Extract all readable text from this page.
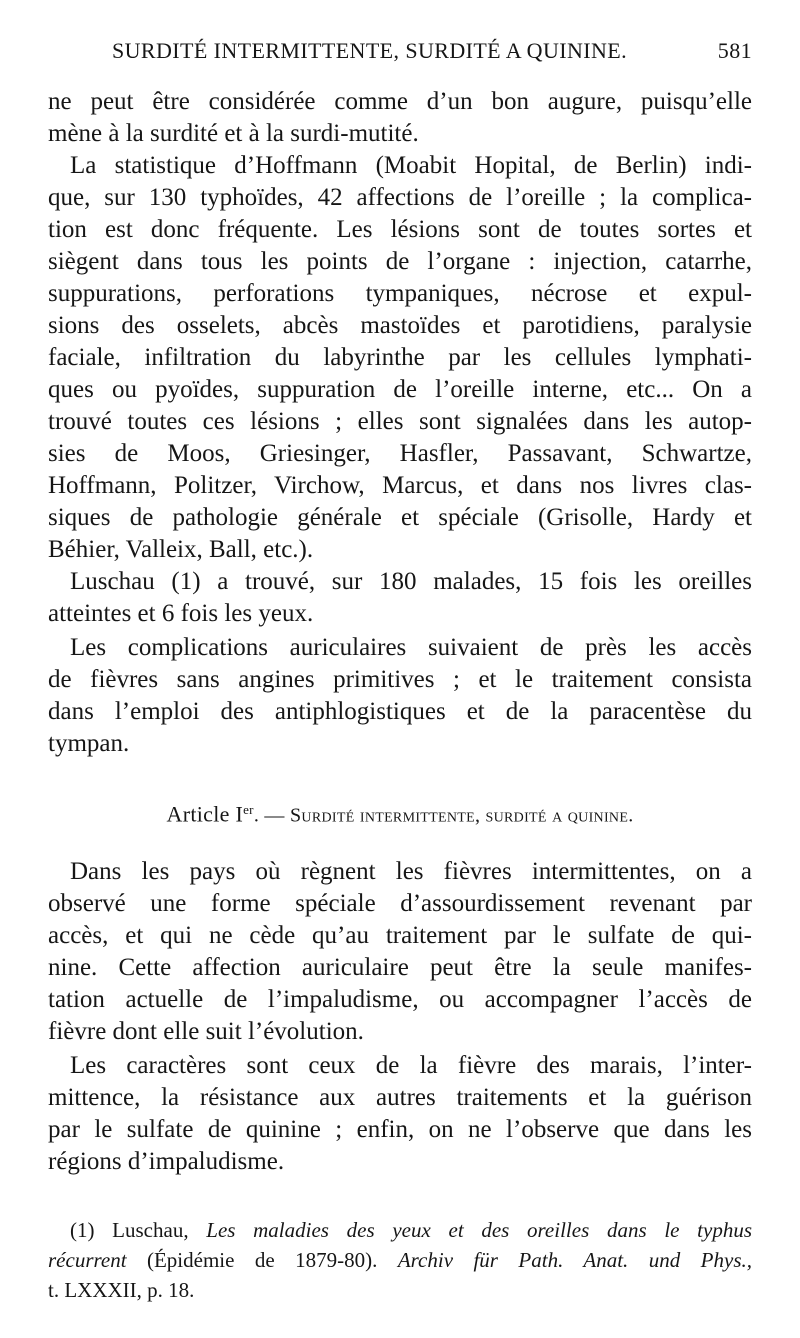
SURDITÉ INTERMITTENTE, SURDITÉ A QUININE.	581
ne peut être considérée comme d’un bon augure, puisqu’elle
mène à la surdité et à la surdi-mutité.
La statistique d’Hoffmann (Moabit Hopital, de Berlin) indi-
que, sur 130 typhoïdes, 42 affections de l’oreille ; la complica-
tion est donc fréquente. Les lésions sont de toutes sortes et
siègent dans tous les points de l’organe : injection, catarrhe,
suppurations, perforations tympaniques, nécrose et expul-
sions des osselets, abcès mastoïdes et parotidiens, paralysie
faciale, infiltration du labyrinthe par les cellules lymphati-
ques ou pyoïdes, suppuration de l’oreille interne, etc... On a
trouvé toutes ces lésions ; elles sont signalées dans les autop-
sies de Moos, Griesinger, Hasfler, Passavant, Schwartze,
Hoffmann, Politzer, Virchow, Marcus, et dans nos livres clas-
siques de pathologie générale et spéciale (Grisolle, Hardy et
Béhier, Valleix, Ball, etc.).
Luschau (1) a trouvé, sur 180 malades, 15 fois les oreilles
atteintes et 6 fois les yeux.
Les complications auriculaires suivaient de près les accès
de fièvres sans angines primitives ; et le traitement consista
dans l’emploi des antiphlogistiques et de la paracentèse du
tympan.
Article Ier. — Surdité intermittente, surdité a quinine.
Dans les pays où règnent les fièvres intermittentes, on a
observé une forme spéciale d’assourdissement revenant par
accès, et qui ne cède qu’au traitement par le sulfate de qui-
nine. Cette affection auriculaire peut être la seule manifes-
tation actuelle de l’impaludisme, ou accompagner l’accès de
fièvre dont elle suit l’évolution.
Les caractères sont ceux de la fièvre des marais, l’inter-
mittence, la résistance aux autres traitements et la guérison
par le sulfate de quinine ; enfin, on ne l’observe que dans les
régions d’impaludisme.
(1) Luschau, Les maladies des yeux et des oreilles dans le typhus
récurrent (Épidémie de 1879-80). Archiv für Path. Anat. und Phys.,
t. LXXXII, p. 18.
